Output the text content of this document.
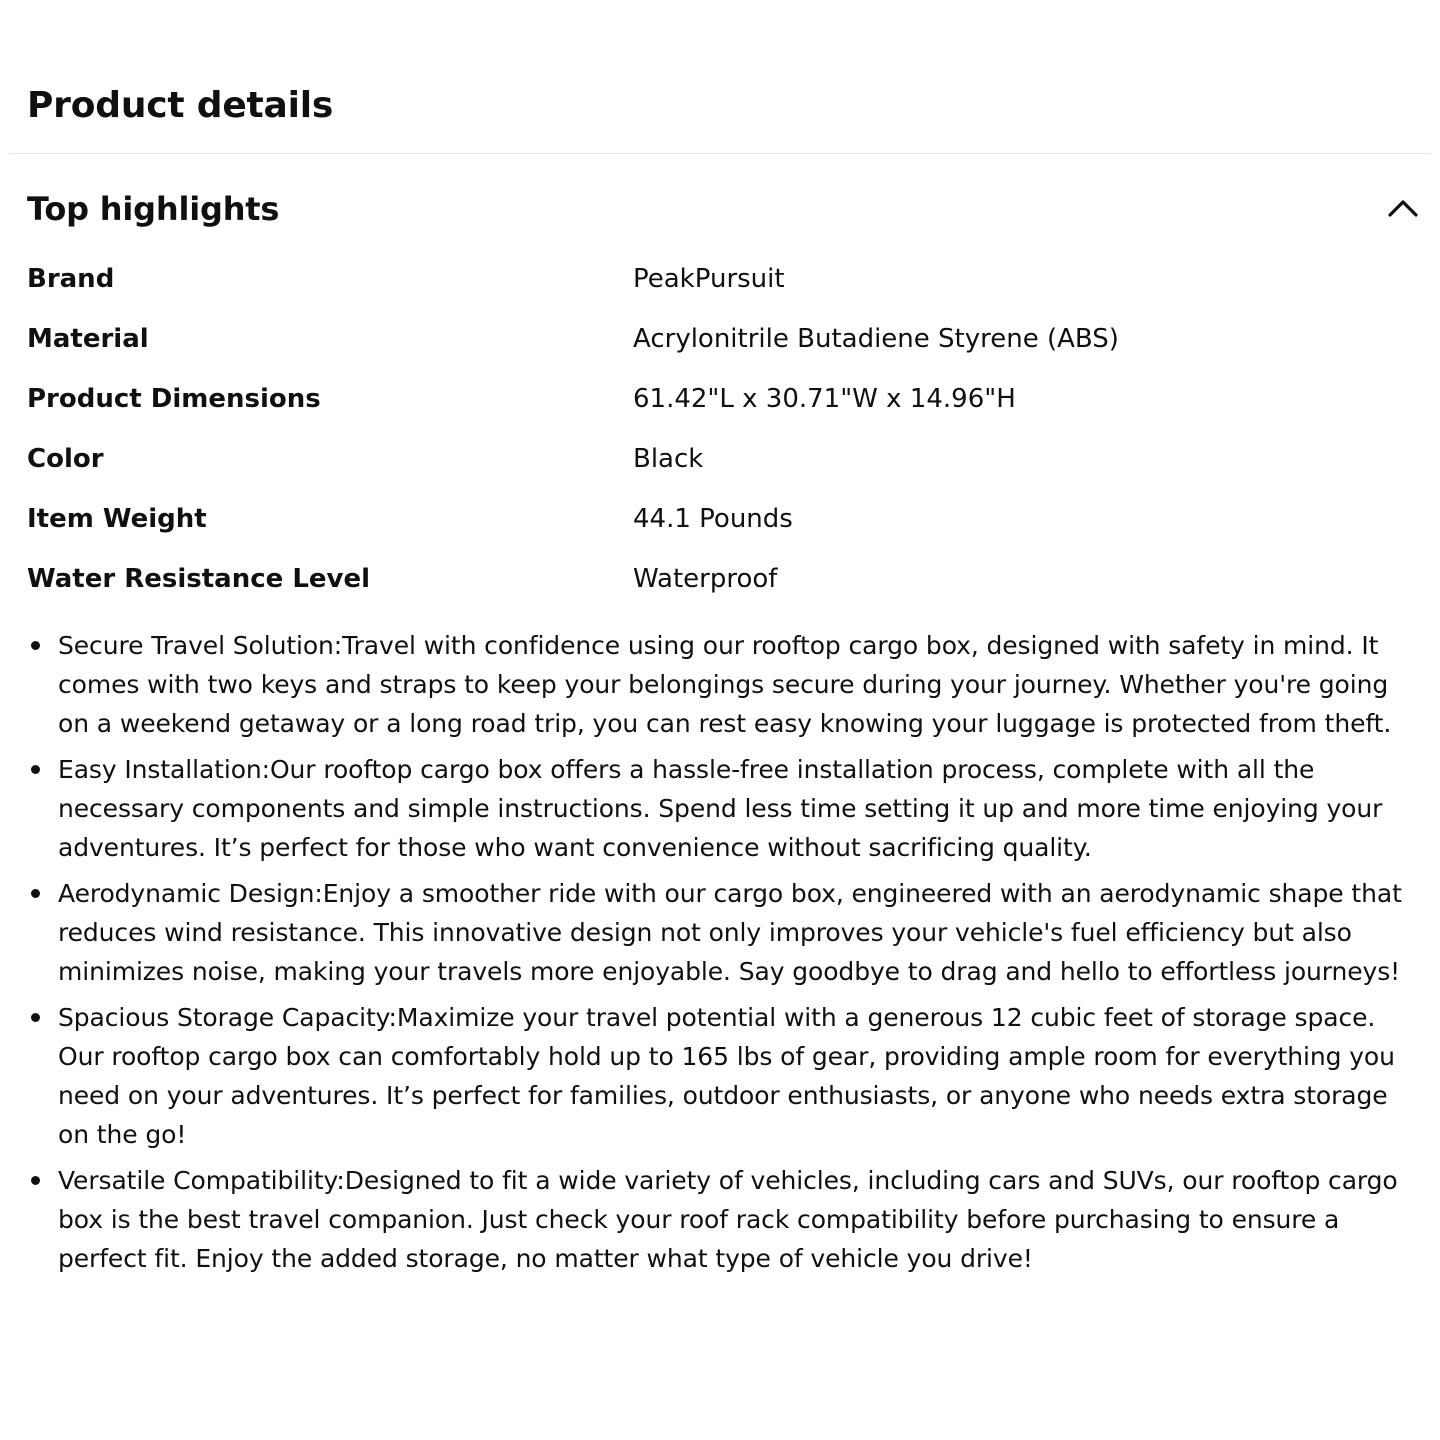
Product details
Top highlights
Brand	PeakPursuit
Material	Acrylonitrile Butadiene Styrene (ABS)
Product Dimensions	61.42"L x 30.71"W x 14.96"H
Color	Black
Item Weight	44.1 Pounds
Water Resistance Level	Waterproof
Secure Travel Solution:Travel with confidence using our rooftop cargo box, designed with safety in mind. It comes with two keys and straps to keep your belongings secure during your journey. Whether you're going on a weekend getaway or a long road trip, you can rest easy knowing your luggage is protected from theft.
Easy Installation:Our rooftop cargo box offers a hassle-free installation process, complete with all the necessary components and simple instructions. Spend less time setting it up and more time enjoying your adventures. It’s perfect for those who want convenience without sacrificing quality.
Aerodynamic Design:Enjoy a smoother ride with our cargo box, engineered with an aerodynamic shape that reduces wind resistance. This innovative design not only improves your vehicle's fuel efficiency but also minimizes noise, making your travels more enjoyable. Say goodbye to drag and hello to effortless journeys!
Spacious Storage Capacity:Maximize your travel potential with a generous 12 cubic feet of storage space. Our rooftop cargo box can comfortably hold up to 165 lbs of gear, providing ample room for everything you need on your adventures. It’s perfect for families, outdoor enthusiasts, or anyone who needs extra storage on the go!
Versatile Compatibility:Designed to fit a wide variety of vehicles, including cars and SUVs, our rooftop cargo box is the best travel companion. Just check your roof rack compatibility before purchasing to ensure a perfect fit. Enjoy the added storage, no matter what type of vehicle you drive!
